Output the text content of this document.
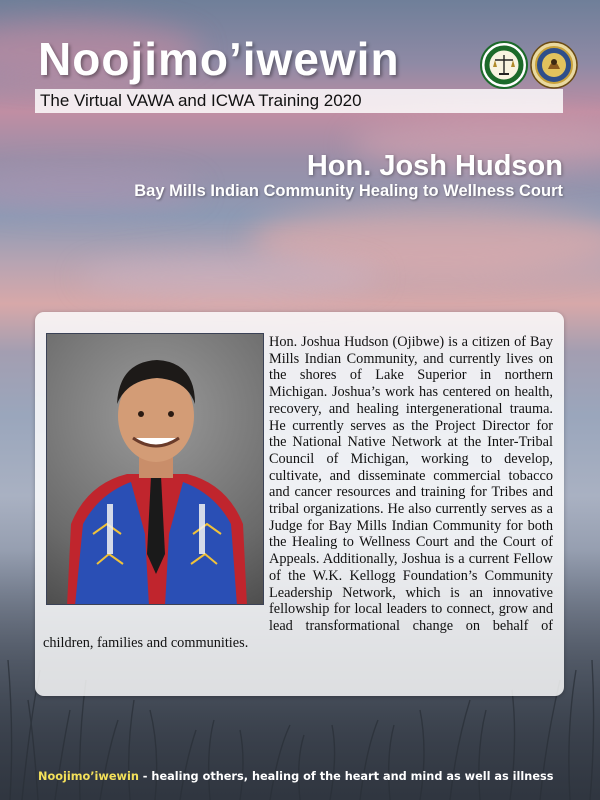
Noojimo’iwewin
The Virtual VAWA and ICWA Training 2020
Hon. Josh Hudson
Bay Mills Indian Community Healing to Wellness Court
Hon. Joshua Hudson (Ojibwe) is a citizen of Bay Mills Indian Community, and currently lives on the shores of Lake Superior in northern Michigan. Joshua’s work has centered on health, recovery, and healing intergenerational trauma. He currently serves as the Project Director for the National Native Network at the Inter-Tribal Council of Michigan, working to develop, cultivate, and disseminate commercial tobacco and cancer resources and training for Tribes and tribal organizations. He also currently serves as a Judge for Bay Mills Indian Community for both the Healing to Wellness Court and the Court of Appeals. Additionally, Joshua is a current Fellow of the W.K. Kellogg Foundation’s Community Leadership Network, which is an innovative fellowship for local leaders to connect, grow and lead transformational change on behalf of children, families and communities.
Noojimo’iwewin - healing others, healing of the heart and mind as well as illness
